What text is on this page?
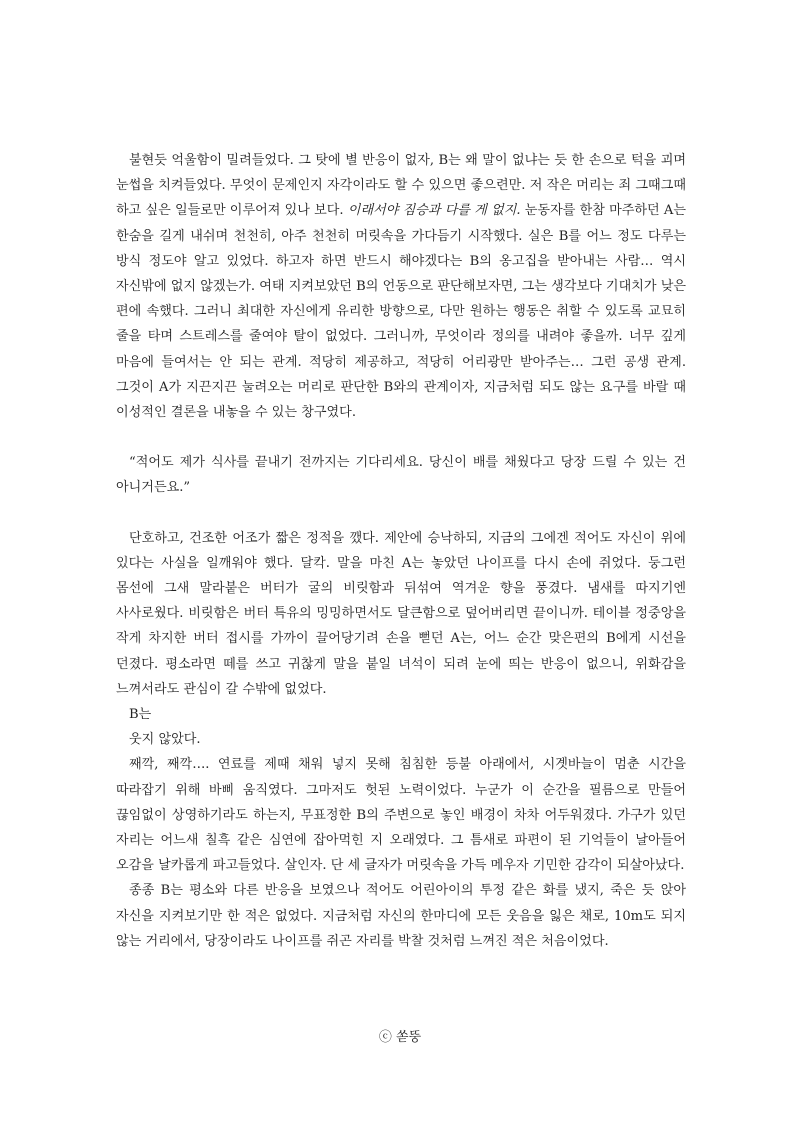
불현듯 억울함이 밀려들었다. 그 탓에 별 반응이 없자, B는 왜 말이 없냐는 듯 한 손으로 턱을 괴며 눈썹을 치켜들었다. 무엇이 문제인지 자각이라도 할 수 있으면 좋으련만. 저 작은 머리는 죄 그때그때 하고 싶은 일들로만 이루어져 있나 보다. 이래서야 짐승과 다를 게 없지. 눈동자를 한참 마주하던 A는 한숨을 길게 내쉬며 천천히, 아주 천천히 머릿속을 가다듬기 시작했다. 실은 B를 어느 정도 다루는 방식 정도야 알고 있었다. 하고자 하면 반드시 해야겠다는 B의 옹고집을 받아내는 사람… 역시 자신밖에 없지 않겠는가. 여태 지켜보았던 B의 언동으로 판단해보자면, 그는 생각보다 기대치가 낮은 편에 속했다. 그러니 최대한 자신에게 유리한 방향으로, 다만 원하는 행동은 취할 수 있도록 교묘히 줄을 타며 스트레스를 줄여야 탈이 없었다. 그러니까, 무엇이라 정의를 내려야 좋을까. 너무 깊게 마음에 들여서는 안 되는 관계. 적당히 제공하고, 적당히 어리광만 받아주는… 그런 공생 관계. 그것이 A가 지끈지끈 눌려오는 머리로 판단한 B와의 관계이자, 지금처럼 되도 않는 요구를 바랄 때 이성적인 결론을 내놓을 수 있는 창구였다.

“적어도 제가 식사를 끝내기 전까지는 기다리세요. 당신이 배를 채웠다고 당장 드릴 수 있는 건 아니거든요.”

단호하고, 건조한 어조가 짧은 정적을 깼다. 제안에 승낙하되, 지금의 그에겐 적어도 자신이 위에 있다는 사실을 일깨워야 했다. 달칵. 말을 마친 A는 놓았던 나이프를 다시 손에 쥐었다. 둥그런 몸선에 그새 말라붙은 버터가 굴의 비릿함과 뒤섞여 역겨운 향을 풍겼다. 냄새를 따지기엔 사사로웠다. 비릿함은 버터 특유의 밍밍하면서도 달큰함으로 덮어버리면 끝이니까. 테이블 정중앙을 작게 차지한 버터 접시를 가까이 끌어당기려 손을 뻗던 A는, 어느 순간 맞은편의 B에게 시선을 던졌다. 평소라면 떼를 쓰고 귀찮게 말을 붙일 녀석이 되려 눈에 띄는 반응이 없으니, 위화감을 느껴서라도 관심이 갈 수밖에 없었다.

B는

웃지 않았다.

째깍, 째깍…. 연료를 제때 채워 넣지 못해 침침한 등불 아래에서, 시곗바늘이 멈춘 시간을 따라잡기 위해 바삐 움직였다. 그마저도 헛된 노력이었다. 누군가 이 순간을 필름으로 만들어 끊임없이 상영하기라도 하는지, 무표정한 B의 주변으로 놓인 배경이 차차 어두워졌다. 가구가 있던 자리는 어느새 칠흑 같은 심연에 잡아먹힌 지 오래였다. 그 틈새로 파편이 된 기억들이 날아들어 오감을 날카롭게 파고들었다. 살인자. 단 세 글자가 머릿속을 가득 메우자 기민한 감각이 되살아났다.

종종 B는 평소와 다른 반응을 보였으나 적어도 어린아이의 투정 같은 화를 냈지, 죽은 듯 앉아 자신을 지켜보기만 한 적은 없었다. 지금처럼 자신의 한마디에 모든 웃음을 잃은 채로, 10m도 되지 않는 거리에서, 당장이라도 나이프를 쥐곤 자리를 박찰 것처럼 느껴진 적은 처음이었다.

ⓒ 쏟뚱
